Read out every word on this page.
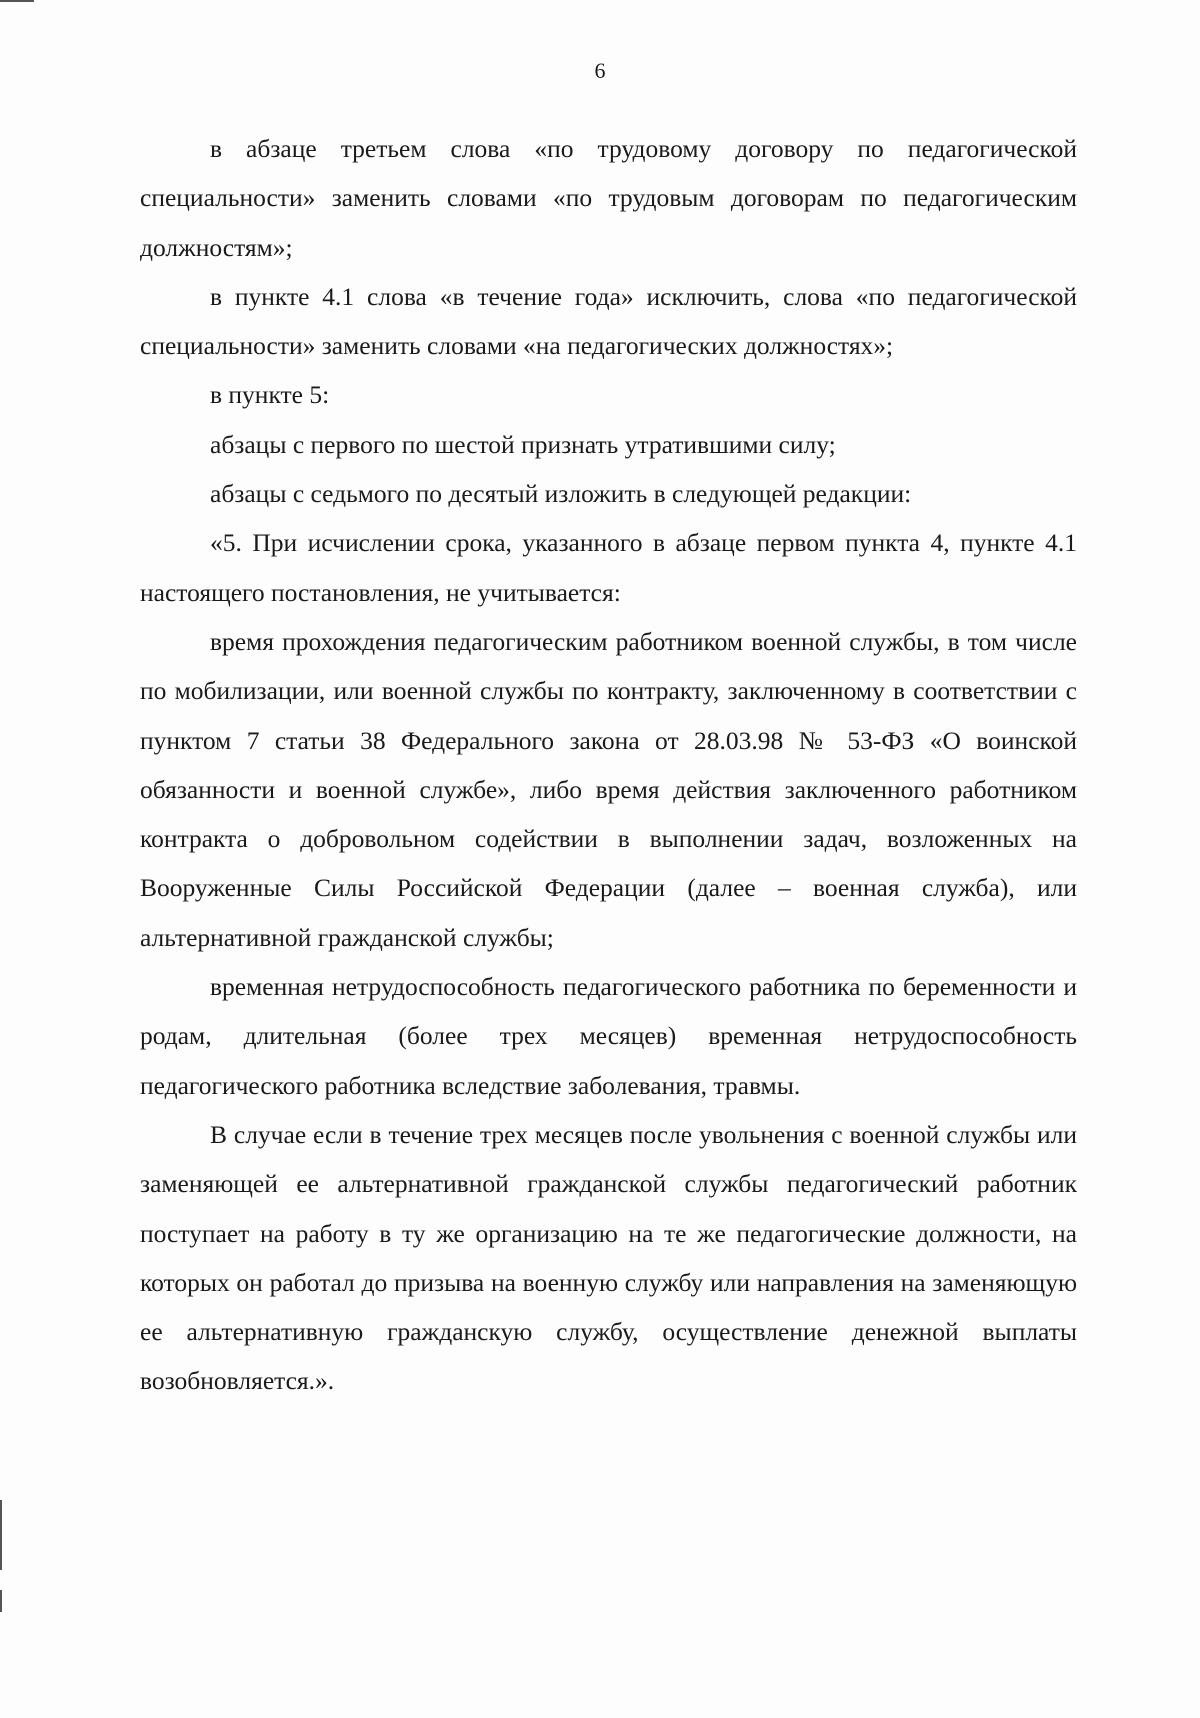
6

в абзаце третьем слова «по трудовому договору по педагогической специальности» заменить словами «по трудовым договорам по педагогическим должностям»;

в пункте 4.1 слова «в течение года» исключить, слова «по педагогической специальности» заменить словами «на педагогических должностях»;

в пункте 5:

абзацы с первого по шестой признать утратившими силу;

абзацы с седьмого по десятый изложить в следующей редакции:

«5. При исчислении срока, указанного в абзаце первом пункта 4, пункте 4.1 настоящего постановления, не учитывается:

время прохождения педагогическим работником военной службы, в том числе по мобилизации, или военной службы по контракту, заключенному в соответствии с пунктом 7 статьи 38 Федерального закона от 28.03.98 № 53-ФЗ «О воинской обязанности и военной службе», либо время действия заключенного работником контракта о добровольном содействии в выполнении задач, возложенных на Вооруженные Силы Российской Федерации (далее – военная служба), или альтернативной гражданской службы;

временная нетрудоспособность педагогического работника по беременности и родам, длительная (более трех месяцев) временная нетрудоспособность педагогического работника вследствие заболевания, травмы.

В случае если в течение трех месяцев после увольнения с военной службы или заменяющей ее альтернативной гражданской службы педагогический работник поступает на работу в ту же организацию на те же педагогические должности, на которых он работал до призыва на военную службу или направления на заменяющую ее альтернативную гражданскую службу, осуществление денежной выплаты возобновляется.».
